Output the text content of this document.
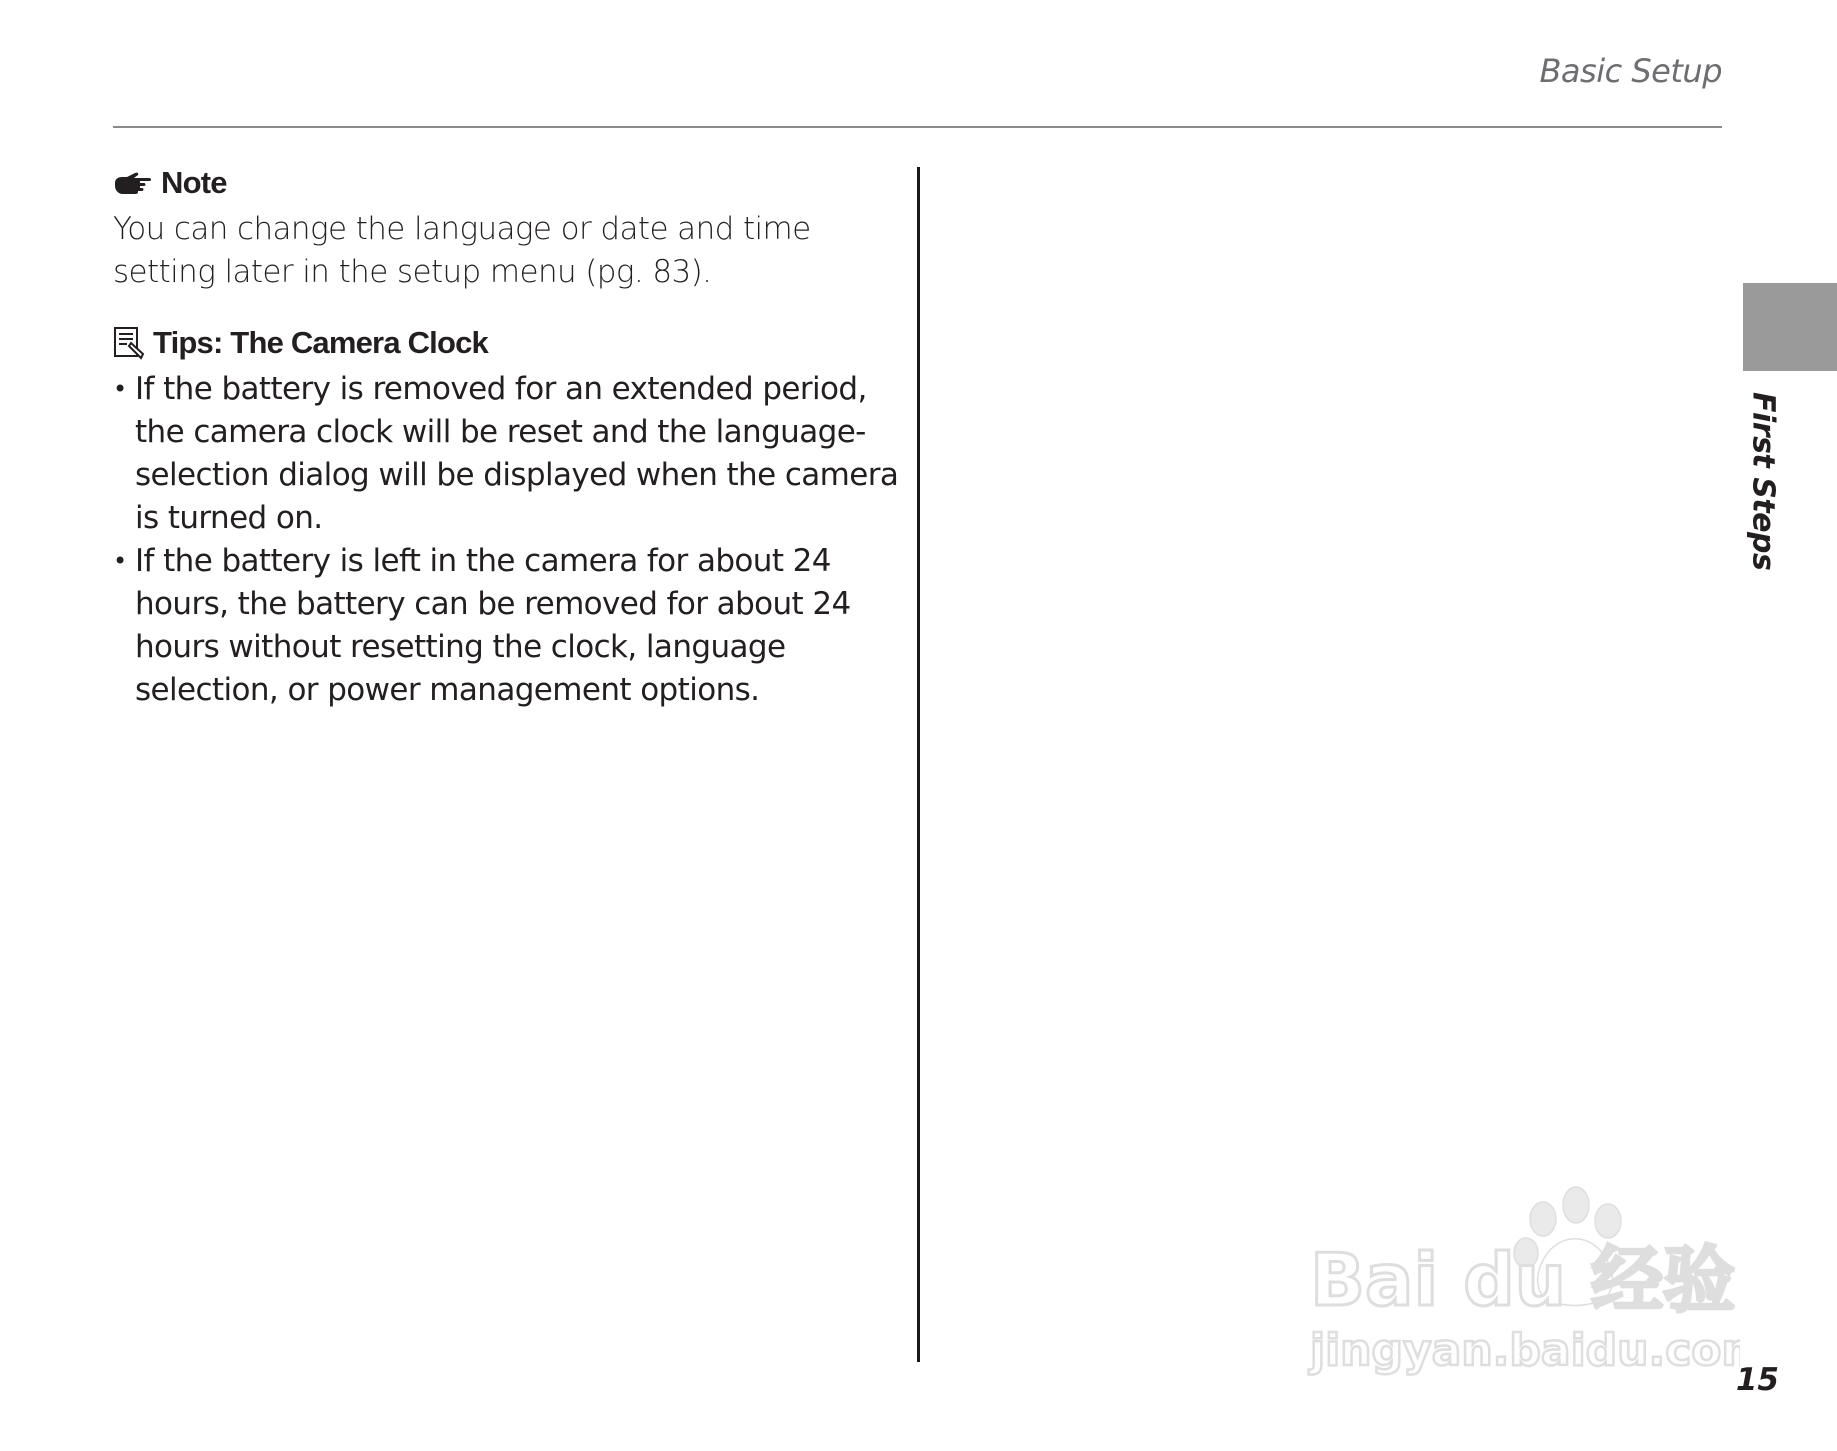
Basic Setup
Note

You can change the language or date and time setting later in the setup menu (pg. 83).

Tips: The Camera Clock
• If the battery is removed for an extended period, the camera clock will be reset and the language-selection dialog will be displayed when the camera is turned on.
• If the battery is left in the camera for about 24 hours, the battery can be removed for about 24 hours without resetting the clock, language selection, or power management options.
First Steps
Bai du 经验
jingyan.baidu.com
15
